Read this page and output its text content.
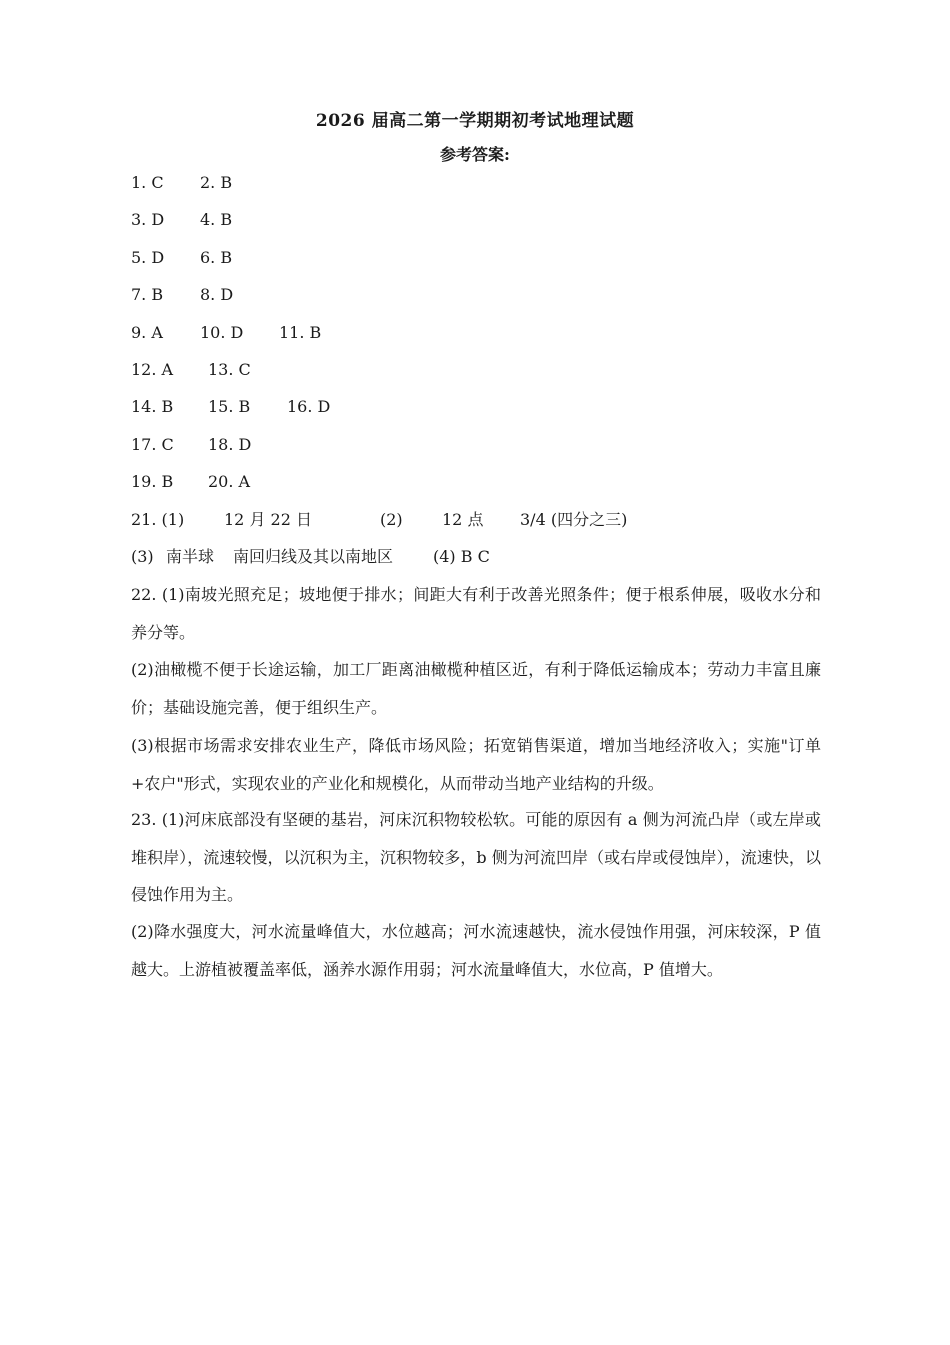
2026 届高二第一学期期初考试地理试题
参考答案:
1. C 2. B
3. D 4. B
5. D 6. B
7. B 8. D
9. A 10. D 11. B
12. A 13. C
14. B 15. B 16. D
17. C 18. D
19. B 20. A
21. (1) 12 月 22 日	(2) 12 点 3/4 (四分之三)
(3) 南半球 南回归线及其以南地区 (4) B C
22. (1)南坡光照充足；坡地便于排水；间距大有利于改善光照条件；便于根系伸展，吸收水分和养分等。
(2)油橄榄不便于长途运输，加工厂距离油橄榄种植区近，有利于降低运输成本；劳动力丰富且廉价；基础设施完善，便于组织生产。
(3)根据市场需求安排农业生产，降低市场风险；拓宽销售渠道，增加当地经济收入；实施"订单+农户"形式，实现农业的产业化和规模化，从而带动当地产业结构的升级。
23. (1)河床底部没有坚硬的基岩，河床沉积物较松软。可能的原因有 a 侧为河流凸岸（或左岸或堆积岸），流速较慢，以沉积为主，沉积物较多，b 侧为河流凹岸（或右岸或侵蚀岸），流速快，以侵蚀作用为主。
(2)降水强度大，河水流量峰值大，水位越高；河水流速越快，流水侵蚀作用强，河床较深，P 值越大。上游植被覆盖率低，涵养水源作用弱；河水流量峰值大，水位高，P 值增大。
